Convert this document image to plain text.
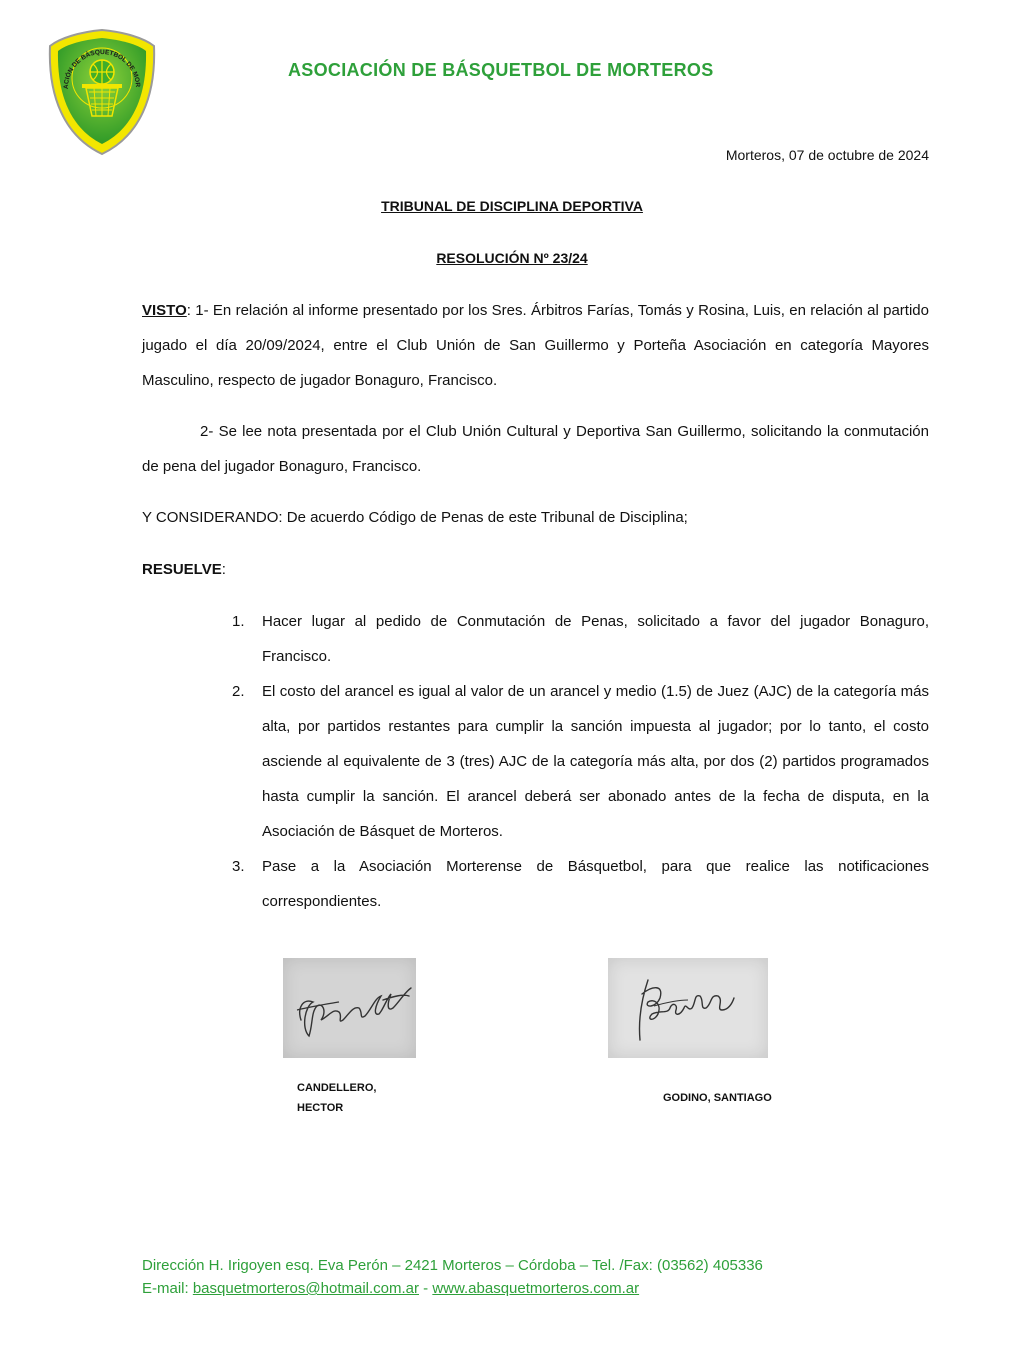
ACIÓN DE BÁSQUETBOL DE MOR
ASOCIACIÓN DE BÁSQUETBOL DE MORTEROS
Morteros, 07 de octubre de 2024
TRIBUNAL DE DISCIPLINA DEPORTIVA
RESOLUCIÓN Nº 23/24
VISTO: 1- En relación al informe presentado por los Sres. Árbitros Farías, Tomás y Rosina, Luis, en relación al partido jugado el día 20/09/2024, entre el Club Unión de San Guillermo y Porteña Asociación en categoría Mayores Masculino, respecto de jugador Bonaguro, Francisco.
2- Se lee nota presentada por el Club Unión Cultural y Deportiva San Guillermo, solicitando la conmutación de pena del jugador Bonaguro, Francisco.
Y CONSIDERANDO: De acuerdo Código de Penas de este Tribunal de Disciplina;
RESUELVE:
1. Hacer lugar al pedido de Conmutación de Penas, solicitado a favor del jugador Bonaguro, Francisco.
2. El costo del arancel es igual al valor de un arancel y medio (1.5) de Juez (AJC) de la categoría más alta, por partidos restantes para cumplir la sanción impuesta al jugador; por lo tanto, el costo asciende al equivalente de 3 (tres) AJC de la categoría más alta, por dos (2) partidos programados hasta cumplir la sanción. El arancel deberá ser abonado antes de la fecha de disputa, en la Asociación de Básquet de Morteros.
3. Pase a la Asociación Morterense de Básquetbol, para que realice las notificaciones correspondientes.
CANDELLERO, HECTOR
GODINO, SANTIAGO
Dirección H. Irigoyen esq. Eva Perón – 2421 Morteros – Córdoba – Tel. /Fax: (03562) 405336
E-mail: basquetmorteros@hotmail.com.ar - www.abasquetmorteros.com.ar
